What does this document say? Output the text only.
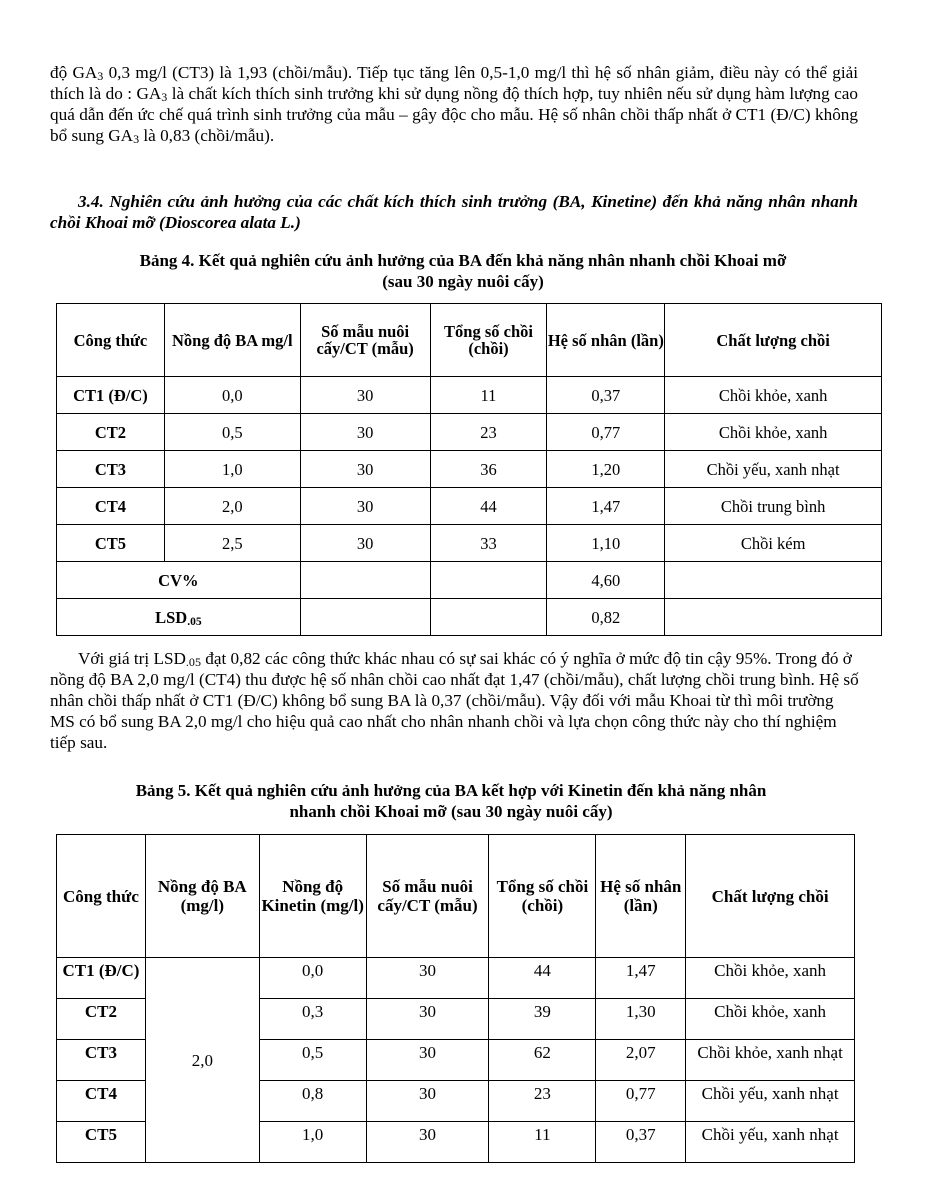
độ $GA_3$ 0,3 mg/l (CT3) là 1,93 (chồi/mẫu). Tiếp tục tăng lên 0,5-1,0 mg/l thì hệ số nhân giảm, điều này có thể giải thích là do : $GA_3$ là chất kích thích sinh trưởng khi sử dụng nồng độ thích hợp, tuy nhiên nếu sử dụng hàm lượng cao quá dẫn đến ức chế quá trình sinh trưởng của mẫu – gây độc cho mẫu. Hệ số nhân chồi thấp nhất ở CT1 (Đ/C) không bổ sung $GA_3$ là 0,83 (chồi/mẫu).

3.4. Nghiên cứu ảnh hưởng của các chất kích thích sinh trưởng (BA, Kinetine) đến khả năng nhân nhanh chồi Khoai mỡ (Dioscorea alata L.)

Bảng 4. Kết quả nghiên cứu ảnh hưởng của BA đến khả năng nhân nhanh chồi Khoai mỡ
(sau 30 ngày nuôi cấy)

Công thức	Nồng độ BA mg/l	Số mẫu nuôi cấy/CT (mẫu)	Tổng số chồi (chồi)	Hệ số nhân (lần)	Chất lượng chồi
CT1 (Đ/C)	0,0	30	11	0,37	Chồi khỏe, xanh
CT2	0,5	30	23	0,77	Chồi khỏe, xanh
CT3	1,0	30	36	1,20	Chồi yếu, xanh nhạt
CT4	2,0	30	44	1,47	Chồi trung bình
CT5	2,5	30	33	1,10	Chồi kém
CV%				4,60	
$LSD_{.05}$				0,82	

Với giá trị $LSD_{.05}$ đạt 0,82 các công thức khác nhau có sự sai khác có ý nghĩa ở mức độ tin cậy 95%. Trong đó ở nồng độ BA 2,0 mg/l (CT4) thu được hệ số nhân chồi cao nhất đạt 1,47 (chồi/mẫu), chất lượng chồi trung bình. Hệ số nhân chồi thấp nhất ở CT1 (Đ/C) không bổ sung BA là 0,37 (chồi/mẫu). Vậy đối với mẫu Khoai từ thì môi trường MS có bổ sung BA 2,0 mg/l cho hiệu quả cao nhất cho nhân nhanh chồi và lựa chọn công thức này cho thí nghiệm tiếp sau.

Bảng 5. Kết quả nghiên cứu ảnh hưởng của BA kết hợp với Kinetin đến khả năng nhân
nhanh chồi Khoai mỡ (sau 30 ngày nuôi cấy)

Công thức	Nồng độ BA (mg/l)	Nồng độ Kinetin (mg/l)	Số mẫu nuôi cấy/CT (mẫu)	Tổng số chồi (chồi)	Hệ số nhân (lần)	Chất lượng chồi

CT1 (Đ/C)	2,0	0,0	30	44	1,47	Chồi khỏe, xanh

CT2		0,3	30	39	1,30	Chồi khỏe, xanh

CT3		0,5	30	62	2,07	Chồi khỏe, xanh nhạt

CT4		0,8	30	23	0,77	Chồi yếu, xanh nhạt

CT5		1,0	30	11	0,37	Chồi yếu, xanh nhạt
